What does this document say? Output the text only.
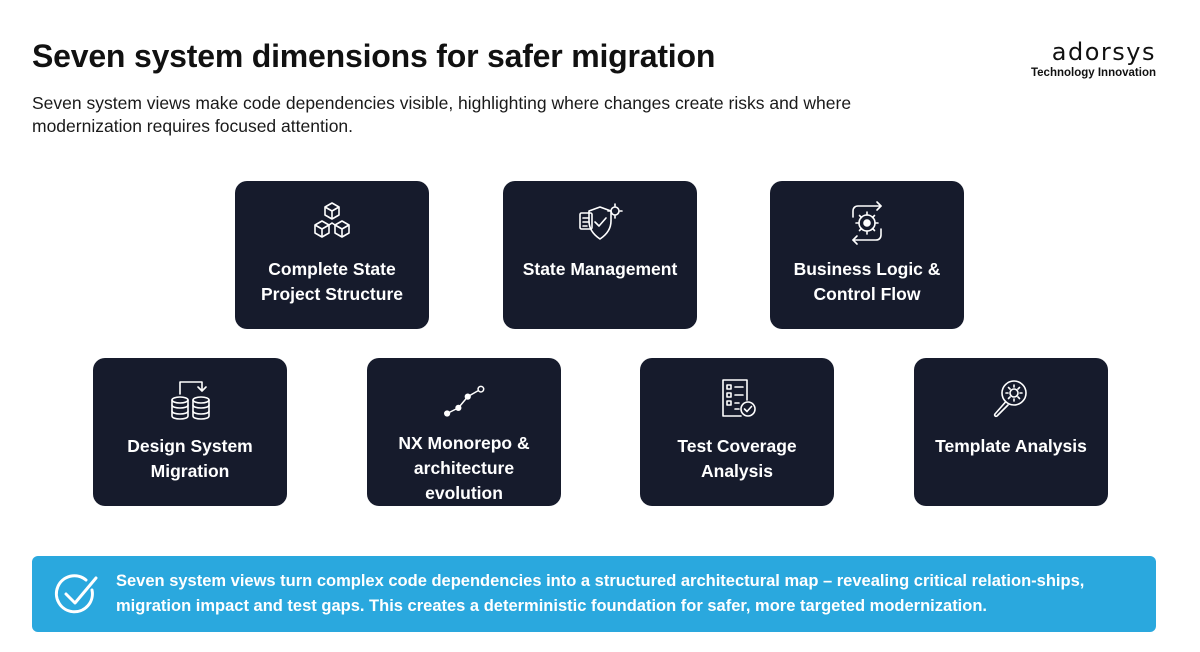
Seven system dimensions for safer migration

Seven system views make code dependencies visible, highlighting where changes create risks and where modernization requires focused attention.

adorsys
Technology Innovation
Complete State Project Structure
State Management	Business Logic & Control Flow
Design System Migration
NX Monorepo & architecture evolution
Test Coverage Analysis
Template Analysis
Seven system views turn complex code dependencies into a structured architectural map – revealing critical relation-ships, migration impact and test gaps. This creates a deterministic foundation for safer, more targeted modernization.
